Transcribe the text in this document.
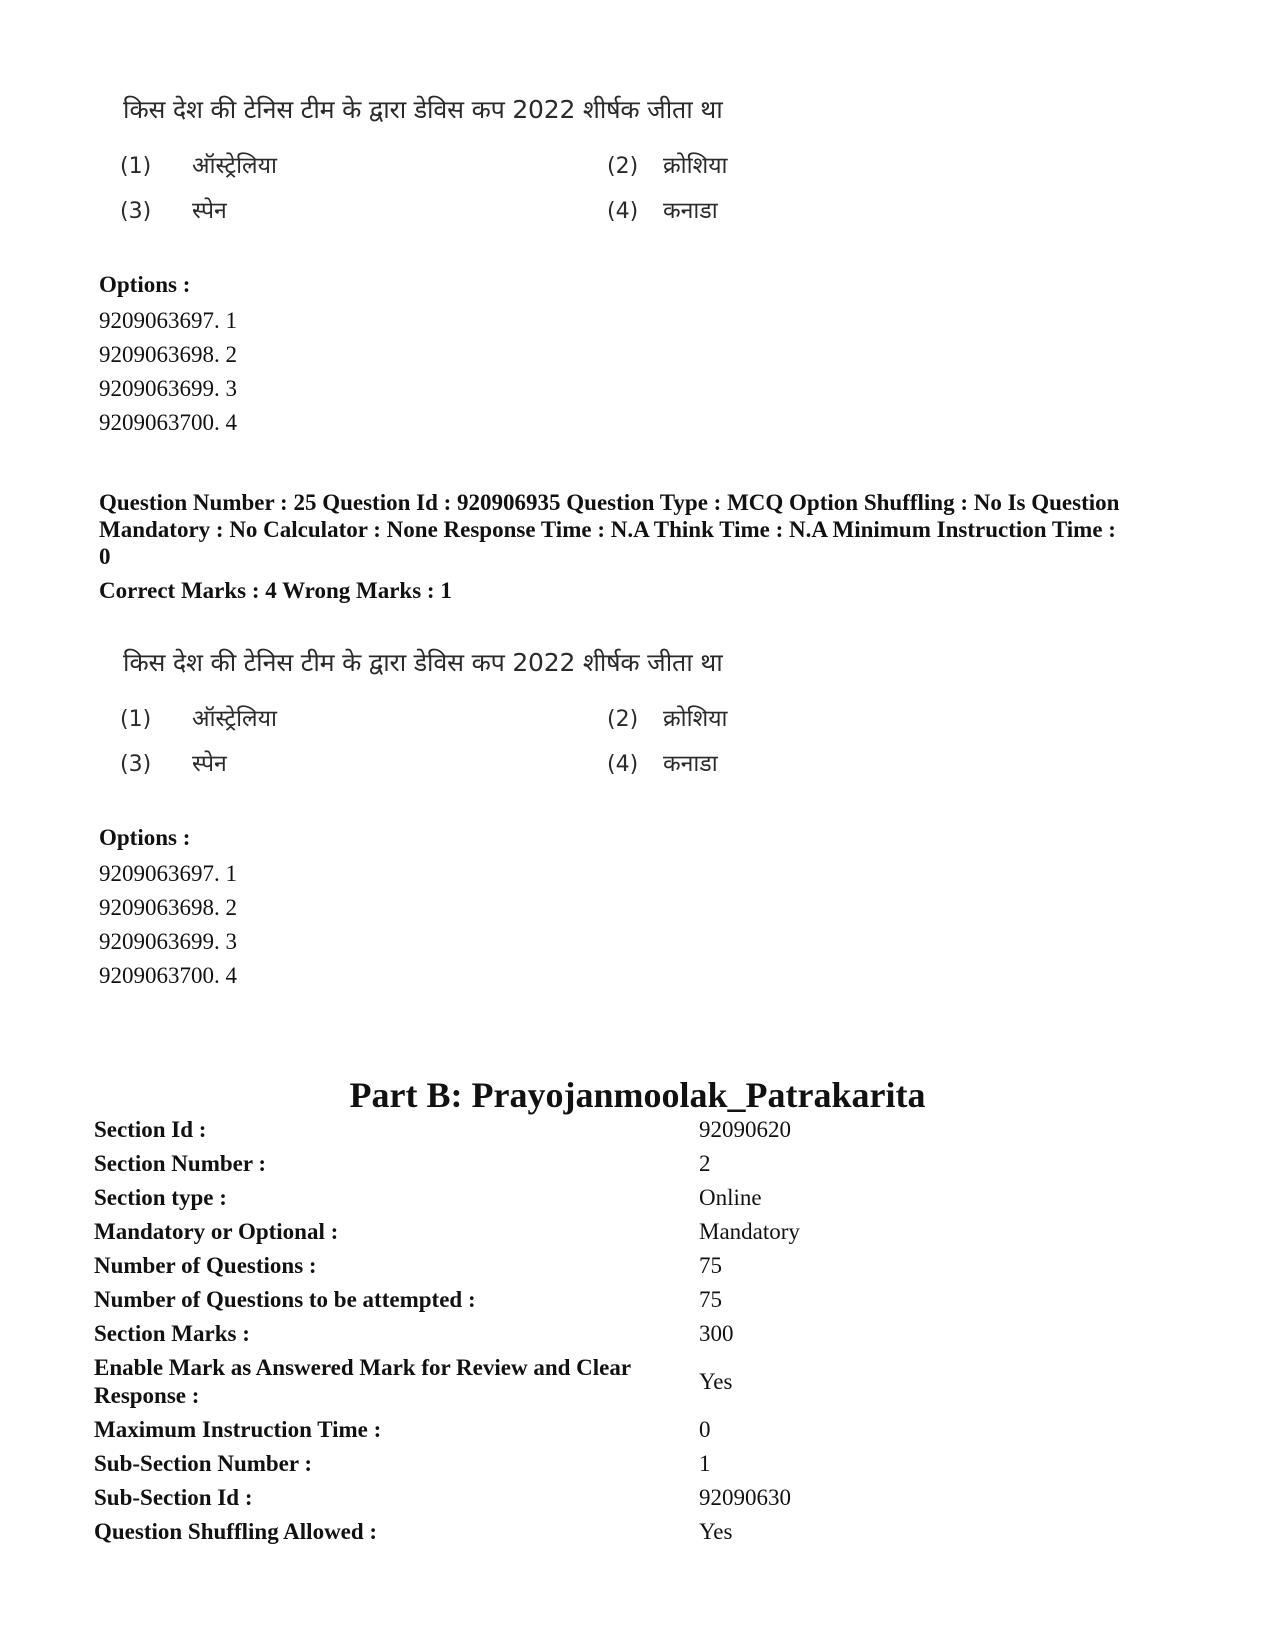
किस देश की टेनिस टीम के द्वारा डेविस कप 2022 शीर्षक जीता था
(1) ऑस्ट्रेलिया	(2) क्रोशिया
(3) स्पेन	(4) कनाडा
Options :
9209063697. 1
9209063698. 2
9209063699. 3
9209063700. 4
Question Number : 25 Question Id : 920906935 Question Type : MCQ Option Shuffling : No Is Question Mandatory : No Calculator : None Response Time : N.A Think Time : N.A Minimum Instruction Time : 0
Correct Marks : 4 Wrong Marks : 1
किस देश की टेनिस टीम के द्वारा डेविस कप 2022 शीर्षक जीता था
(1) ऑस्ट्रेलिया	(2) क्रोशिया
(3) स्पेन	(4) कनाडा
Options :
9209063697. 1
9209063698. 2
9209063699. 3
9209063700. 4
Part B: Prayojanmoolak_Patrakarita
Section Id :	92090620
Section Number :	2
Section type :	Online
Mandatory or Optional :	Mandatory
Number of Questions :	75
Number of Questions to be attempted :	75
Section Marks :	300
Enable Mark as Answered Mark for Review and Clear Response :
Yes
Maximum Instruction Time :	0
Sub-Section Number :	1
Sub-Section Id :	92090630
Question Shuffling Allowed :	Yes
